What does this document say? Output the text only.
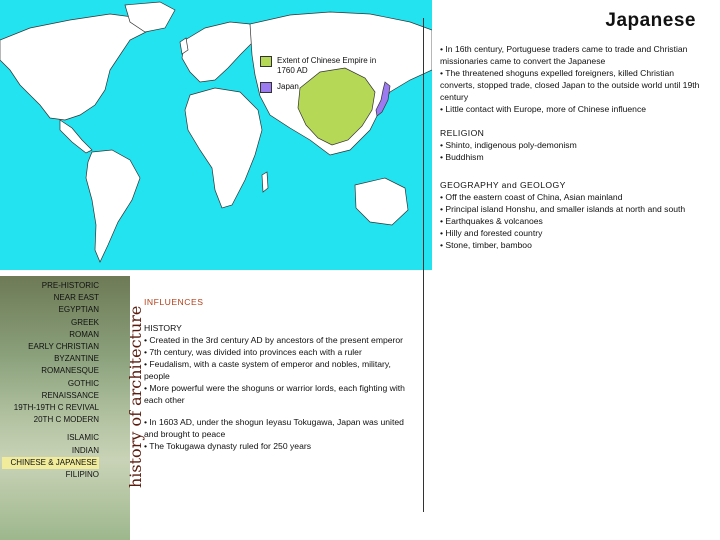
Extent of Chinese Empire in 1760 AD
Japan
Japanese

• In 16th century, Portuguese traders came to trade and Christian missionaries came to convert the Japanese

• The threatened shoguns expelled foreigners, killed Christian converts, stopped trade, closed Japan to the outside world until 19th century

• Little contact with Europe, more of Chinese influence

RELIGION

• Shinto, indigenous poly-demonism

• Buddhism

GEOGRAPHY and GEOLOGY

• Off the eastern coast of China, Asian mainland

• Principal island Honshu, and smaller islands at north and south

• Earthquakes & volcanoes

• Hilly and forested country

• Stone, timber, bamboo

PRE-HISTORIC
NEAR EAST
EGYPTIAN
GREEK
ROMAN
EARLY CHRISTIAN
BYZANTINE
ROMANESQUE
GOTHIC
RENAISSANCE
19TH-19TH C REVIVAL
20TH C MODERN
ISLAMIC
INDIAN
CHINESE & JAPANESE
FILIPINO history of architecture

INFLUENCES

HISTORY

• Created in the 3rd century AD by ancestors of the present emperor

• 7th century, was divided into provinces each with a ruler

• Feudalism, with a caste system of emperor and nobles, military, people

• More powerful were the shoguns or warrior lords, each fighting with each other

• In 1603 AD, under the shogun Ieyasu Tokugawa, Japan was united and brought to peace

• The Tokugawa dynasty ruled for 250 years
